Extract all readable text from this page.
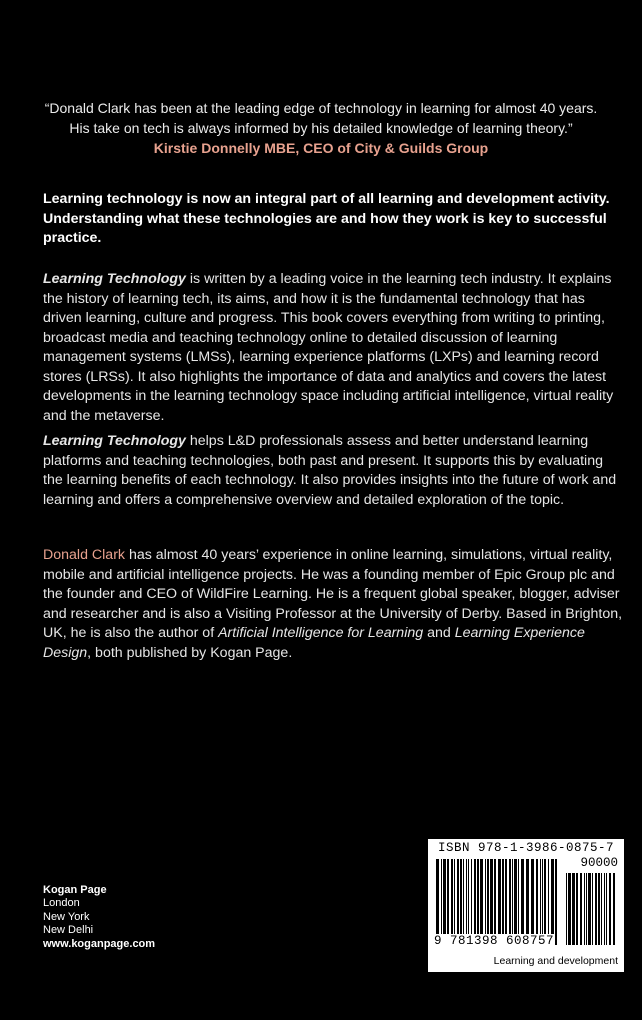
“Donald Clark has been at the leading edge of technology in learning for almost 40 years.
His take on tech is always informed by his detailed knowledge of learning theory.”
Kirstie Donnelly MBE, CEO of City & Guilds Group
Learning technology is now an integral part of all learning and development activity. Understanding what these technologies are and how they work is key to successful practice.
Learning Technology is written by a leading voice in the learning tech industry. It explains the history of learning tech, its aims, and how it is the fundamental technology that has driven learning, culture and progress. This book covers everything from writing to printing, broadcast media and teaching technology online to detailed discussion of learning management systems (LMSs), learning experience platforms (LXPs) and learning record stores (LRSs). It also highlights the importance of data and analytics and covers the latest developments in the learning technology space including artificial intelligence, virtual reality and the metaverse.
Learning Technology helps L&D professionals assess and better understand learning platforms and teaching technologies, both past and present. It supports this by evaluating the learning benefits of each technology. It also provides insights into the future of work and learning and offers a comprehensive overview and detailed exploration of the topic.
Donald Clark has almost 40 years’ experience in online learning, simulations, virtual reality, mobile and artificial intelligence projects. He was a founding member of Epic Group plc and the founder and CEO of WildFire Learning. He is a frequent global speaker, blogger, adviser and researcher and is also a Visiting Professor at the University of Derby. Based in Brighton, UK, he is also the author of Artificial Intelligence for Learning and Learning Experience Design, both published by Kogan Page.
Kogan Page
London
New York
New Delhi
www.koganpage.com
ISBN 978-1-3986-0875-7
90000
9 781398 608757
Learning and development
